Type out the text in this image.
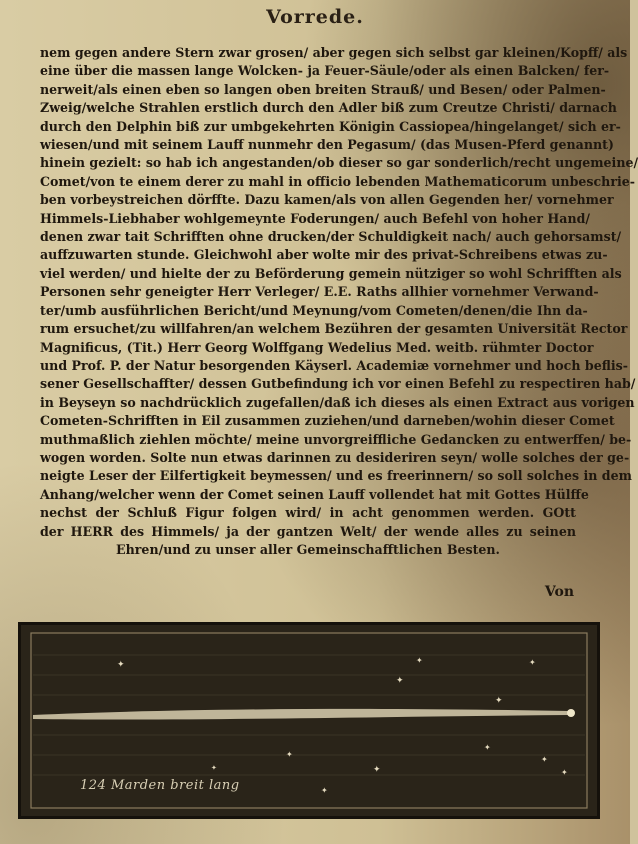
Vorrede.
nem gegen andere Stern zwar grosen/ aber gegen sich selbst gar kleinen/Kopff/ als
eine über die massen lange Wolcken- ja Feuer-Säule/oder als einen Balcken/ fer-
nerweit/als einen eben so langen oben breiten Strauß/ und Besen/ oder Palmen-
Zweig/welche Strahlen erstlich durch den Adler biß zum Creutze Christi/ darnach
durch den Delphin biß zur umbgekehrten Königin Cassiopea/hingelanget/ sich er-
wiesen/und mit seinem Lauff nunmehr den Pegasum/ (das Musen-Pferd genannt)
hinein gezielt: so hab ich angestanden/ob dieser so gar sonderlich/recht ungemeine/
Comet/von te einem derer zu mahl in officio lebenden Mathematicorum unbeschrie-
ben vorbeystreichen dörffte. Dazu kamen/als von allen Gegenden her/ vornehmer
Himmels-Liebhaber wohlgemeynte Foderungen/ auch Befehl von hoher Hand/
denen zwar tait Schrifften ohne drucken/der Schuldigkeit nach/ auch gehorsamst/
auffzuwarten stunde. Gleichwohl aber wolte mir des privat-Schreibens etwas zu-
viel werden/ und hielte der zu Beförderung gemein nütziger so wohl Schrifften als
Personen sehr geneigter Herr Verleger/ E.E. Raths allhier vornehmer Verwand-
ter/umb ausführlichen Bericht/und Meynung/vom Cometen/denen/die Ihn da-
rum ersuchet/zu willfahren/an welchem Bezühren der gesamten Universität Rector
Magnificus, (Tit.) Herr Georg Wolffgang Wedelius Med. weitb. rühmter Doctor
und Prof. P. der Natur besorgenden Käyserl. Academiæ vornehmer und hoch beflis-
sener Gesellschaffter/ dessen Gutbefindung ich vor einen Befehl zu respectiren hab/
in Beyseyn so nachdrücklich zugefallen/daß ich dieses als einen Extract aus vorigen
Cometen-Schrifften in Eil zusammen zuziehen/und darneben/wohin dieser Comet
muthmaßlich ziehlen möchte/ meine unvorgreiffliche Gedancken zu entwerffen/ be-
wogen worden. Solte nun etwas darinnen zu desideriren seyn/ wolle solches der ge-
neigte Leser der Eilfertigkeit beymessen/ und es freerinnern/ so soll solches in dem
Anhang/welcher wenn der Comet seinen Lauff vollendet hat mit Gottes Hülffe
nechst der Schluß Figur folgen wird/ in acht genommen werden. GOtt
der HERR des Himmels/ ja der gantzen Welt/ der wende alles zu seinen
Ehren/und zu unser aller Gemeinschafftlichen Besten.
Von
✦
✦
✦
✦
✦
✦
✦
✦
✦
✦
✦
✦
124 Marden breit lang
